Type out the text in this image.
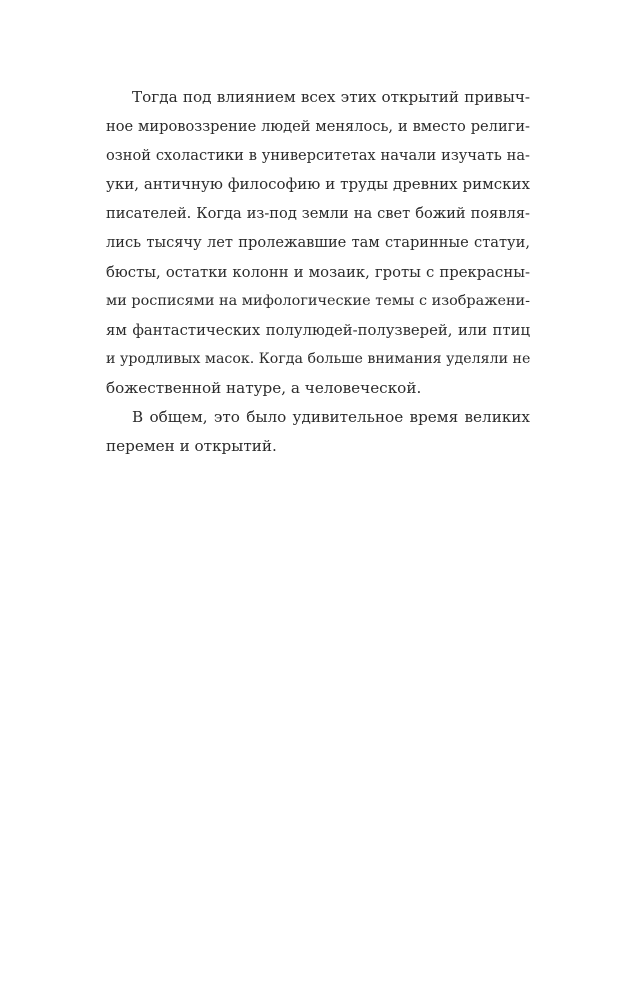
Тогда под влиянием всех этих открытий привыч-
ное мировоззрение людей менялось, и вместо религи-
озной схоластики в университетах начали изучать на-
уки, античную философию и труды древних римских
писателей. Когда из-под земли на свет божий появля-
лись тысячу лет пролежавшие там старинные статуи,
бюсты, остатки колонн и мозаик, гроты с прекрасны-
ми росписями на мифологические темы с изображени-
ям фантастических полулюдей-полузверей, или птиц
и уродливых масок. Когда больше внимания уделяли не
божественной натуре, а человеческой.
В общем, это было удивительное время великих
перемен и открытий.
